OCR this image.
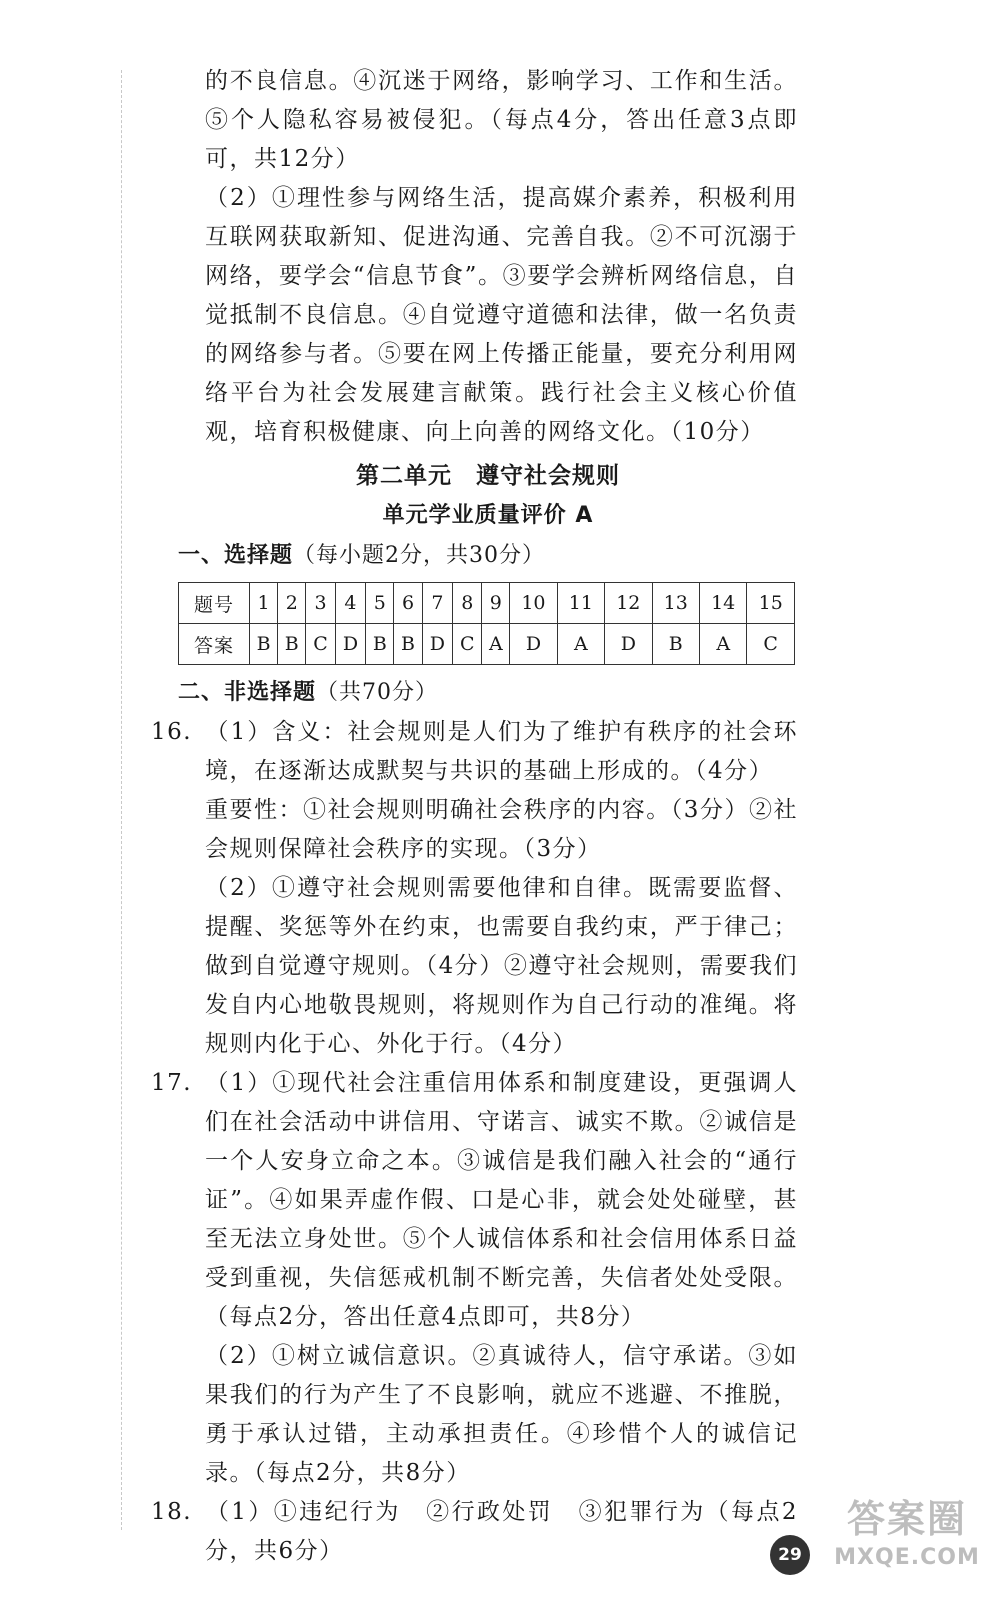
的不良信息。④沉迷于网络，影响学习、工作和生活。⑤个人隐私容易被侵犯。（每点4分，答出任意3点即可，共12分）

（2）①理性参与网络生活，提高媒介素养，积极利用互联网获取新知、促进沟通、完善自我。②不可沉溺于网络，要学会“信息节食”。③要学会辨析网络信息，自觉抵制不良信息。④自觉遵守道德和法律，做一名负责的网络参与者。⑤要在网上传播正能量，要充分利用网络平台为社会发展建言献策。践行社会主义核心价值观，培育积极健康、向上向善的网络文化。（10分）

第二单元　遵守社会规则
单元学业质量评价 A
一、选择题（每小题2分，共30分）
题号	1	2	3	4	5	6	7	8	9	10	11	12	13	14	15
答案	B	B	C	D	B	B	D	C	A	D	A	D	B	A	C
二、非选择题（共70分）

16. （1）含义：社会规则是人们为了维护有秩序的社会环境，在逐渐达成默契与共识的基础上形成的。（4分）

重要性：①社会规则明确社会秩序的内容。（3分）②社会规则保障社会秩序的实现。（3分）

（2）①遵守社会规则需要他律和自律。既需要监督、提醒、奖惩等外在约束，也需要自我约束，严于律己；做到自觉遵守规则。（4分）②遵守社会规则，需要我们发自内心地敬畏规则，将规则作为自己行动的准绳。将规则内化于心、外化于行。（4分）

17. （1）①现代社会注重信用体系和制度建设，更强调人们在社会活动中讲信用、守诺言、诚实不欺。②诚信是一个人安身立命之本。③诚信是我们融入社会的“通行证”。④如果弄虚作假、口是心非，就会处处碰壁，甚至无法立身处世。⑤个人诚信体系和社会信用体系日益受到重视，失信惩戒机制不断完善，失信者处处受限。（每点2分，答出任意4点即可，共8分）

（2）①树立诚信意识。②真诚待人，信守承诺。③如果我们的行为产生了不良影响，就应不逃避、不推脱，勇于承认过错，主动承担责任。④珍惜个人的诚信记录。（每点2分，共8分）

18. （1）①违纪行为　②行政处罚　③犯罪行为（每点2分，共6分）	29
答案圈
MXQE.COM
